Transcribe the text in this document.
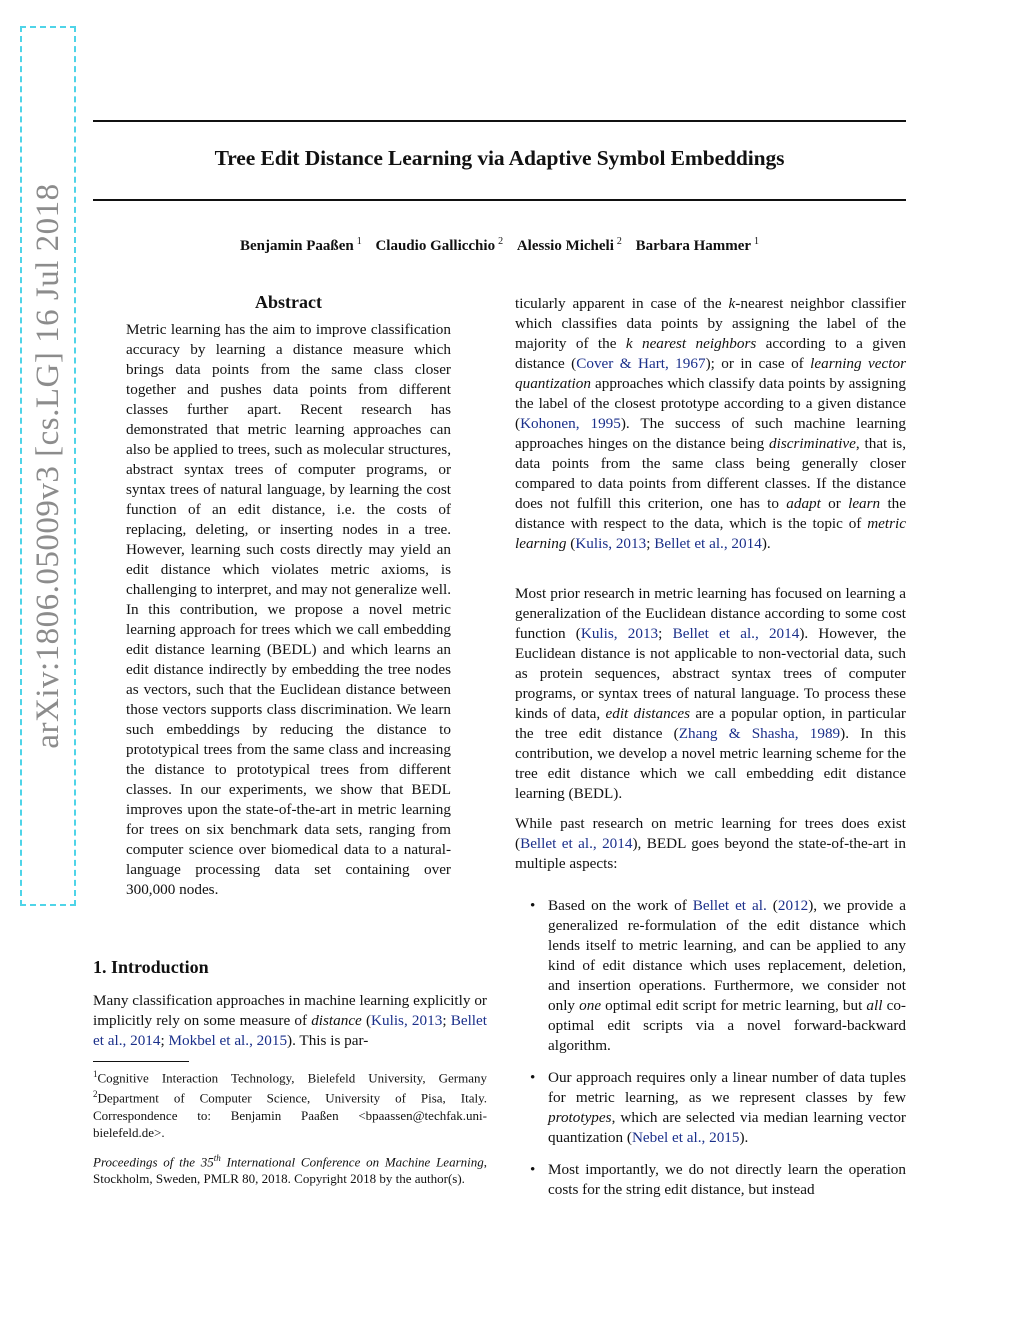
Tree Edit Distance Learning via Adaptive Symbol Embeddings
Benjamin Paaßen $^1$ Claudio Gallicchio $^2$ Alessio Micheli $^2$ Barbara Hammer $^1$
arXiv:1806.05009v3 [cs.LG] 16 Jul 2018	Abstract

Metric learning has the aim to improve classification accuracy by learning a distance measure which brings data points from the same class closer together and pushes data points from different classes further apart. Recent research has demonstrated that metric learning approaches can also be applied to trees, such as molecular structures, abstract syntax trees of computer programs, or syntax trees of natural language, by learning the cost function of an edit distance, i.e. the costs of replacing, deleting, or inserting nodes in a tree. However, learning such costs directly may yield an edit distance which violates metric axioms, is challenging to interpret, and may not generalize well. In this contribution, we propose a novel metric learning approach for trees which we call embedding edit distance learning (BEDL) and which learns an edit distance indirectly by embedding the tree nodes as vectors, such that the Euclidean distance between those vectors supports class discrimination. We learn such embeddings by reducing the distance to prototypical trees from the same class and increasing the distance to prototypical trees from different classes. In our experiments, we show that BEDL improves upon the state-of-the-art in metric learning for trees on six benchmark data sets, ranging from computer science over biomedical data to a natural-language processing data set containing over 300,000 nodes.

1. Introduction

Many classification approaches in machine learning explicitly or implicitly rely on some measure of distance (Kulis, 2013; Bellet et al., 2014; Mokbel et al., 2015). This is par-

$^1$Cognitive Interaction Technology, Bielefeld University, Germany $^2$Department of Computer Science, University of Pisa, Italy. Correspondence to: Benjamin Paaßen <bpaassen@techfak.uni-bielefeld.de>.

Proceedings of the 35th International Conference on Machine Learning, Stockholm, Sweden, PMLR 80, 2018. Copyright 2018 by the author(s).

ticularly apparent in case of the k-nearest neighbor classifier which classifies data points by assigning the label of the majority of the k nearest neighbors according to a given distance (Cover & Hart, 1967); or in case of learning vector quantization approaches which classify data points by assigning the label of the closest prototype according to a given distance (Kohonen, 1995). The success of such machine learning approaches hinges on the distance being discriminative, that is, data points from the same class being generally closer compared to data points from different classes. If the distance does not fulfill this criterion, one has to adapt or learn the distance with respect to the data, which is the topic of metric learning (Kulis, 2013; Bellet et al., 2014).

Most prior research in metric learning has focused on learning a generalization of the Euclidean distance according to some cost function (Kulis, 2013; Bellet et al., 2014). However, the Euclidean distance is not applicable to non-vectorial data, such as protein sequences, abstract syntax trees of computer programs, or syntax trees of natural language. To process these kinds of data, edit distances are a popular option, in particular the tree edit distance (Zhang & Shasha, 1989). In this contribution, we develop a novel metric learning scheme for the tree edit distance which we call embedding edit distance learning (BEDL).

While past research on metric learning for trees does exist (Bellet et al., 2014), BEDL goes beyond the state-of-the-art in multiple aspects:

• Based on the work of Bellet et al. (2012), we provide a generalized re-formulation of the edit distance which lends itself to metric learning, and can be applied to any kind of edit distance which uses replacement, deletion, and insertion operations. Furthermore, we consider not only one optimal edit script for metric learning, but all co-optimal edit scripts via a novel forward-backward algorithm.

• Our approach requires only a linear number of data tuples for metric learning, as we represent classes by few prototypes, which are selected via median learning vector quantization (Nebel et al., 2015).

• Most importantly, we do not directly learn the operation costs for the string edit distance, but instead
